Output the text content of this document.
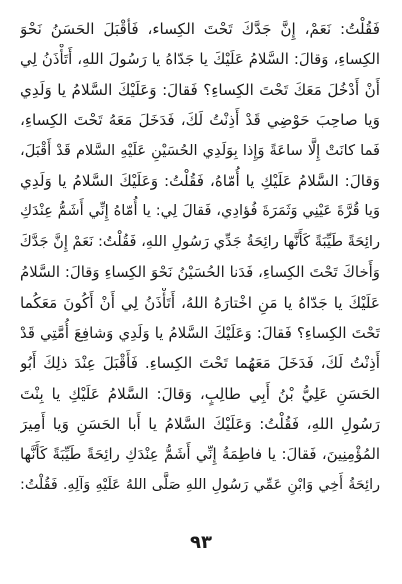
فَقُلْتُ: نَعَمْ، إِنَّ جَدَّكَ تَحْتَ الكِساء، فَأقْبَلَ الحَسَنُ نَحْوَ
الكِساءِ، وَقالَ: السَّلامُ عَلَيْكَ يا جَدّاهُ يا رَسُولَ اللهِ، أَتَأْذَنُ لِي
أَنْ أَدْخُلَ مَعَكَ تَحْتَ الكِساءِ؟ فَقالَ: وَعَلَيْكَ السَّلامُ يا وَلَدِي
وَيا صاحِبَ حَوْضِي قَدْ أَذِنْتُ لَكَ، فَدَخَلَ مَعَهُ تَحْتَ الكِساءِ،
فَما كانَتْ إِلَّا ساعَةً وَإِذا بِوَلَدِي الحُسَيْنِ عَلَيْهِ السَّلام قَدْ أَقْبَلَ،
وَقالَ: السَّلامُ عَلَيْكِ يا أُمّاهُ، فَقُلْتُ: وَعَلَيْكَ السَّلامُ يا وَلَدِي
وَيا قُرَّةَ عَيْنِي وَثَمَرَةَ فُؤادِي، فَقالَ لِي: يا أُمّاهُ إِنِّي أَشَمُّ عِنْدَكِ
رائِحَةً طَيِّبَةً كَأَنَّها رائِحَةُ جَدِّي رَسُولِ اللهِ، فَقُلْتُ: نَعَمْ إِنَّ جَدَّكَ
وَأَخاكَ تَحْتَ الكِساءِ، فَدَنا الحُسَيْنُ نَحْوَ الكِساءِ وَقالَ: السَّلامُ
عَلَيْكَ يا جَدّاهُ يا مَنِ اخْتارَهُ اللهُ، أَتَأْذَنُ لِي أَنْ أَكُونَ مَعَكُما
تَحْتَ الكِساءِ؟ فَقالَ: وَعَلَيْكَ السَّلامُ يا وَلَدِي وَشافِعَ أُمَّتِي قَدْ
أَذِنْتُ لَكَ، فَدَخَلَ مَعَهُما تَحْتَ الكِساءِ. فَأَقْبَلَ عِنْدَ ذلِكَ أَبُو
الحَسَنِ عَلِيُّ بْنُ أَبِي طالِبٍ، وَقالَ: السَّلامُ عَلَيْكِ يا بِنْتَ
رَسُولِ اللهِ، فَقُلْتُ: وَعَلَيْكَ السَّلامُ يا أَبا الحَسَنِ وَيا أَمِيرَ
المُؤْمِنِينَ، فَقالَ: يا فاطِمَةُ إِنِّي أَشَمُّ عِنْدَكِ رائِحَةً طَيِّبَةً كَأَنَّها
رائِحَةُ أَخِي وَابْنِ عَمِّي رَسُولِ اللهِ صَلَّى اللهُ عَلَيْهِ وَآلِهِ. فَقُلْتُ:
٩٣
